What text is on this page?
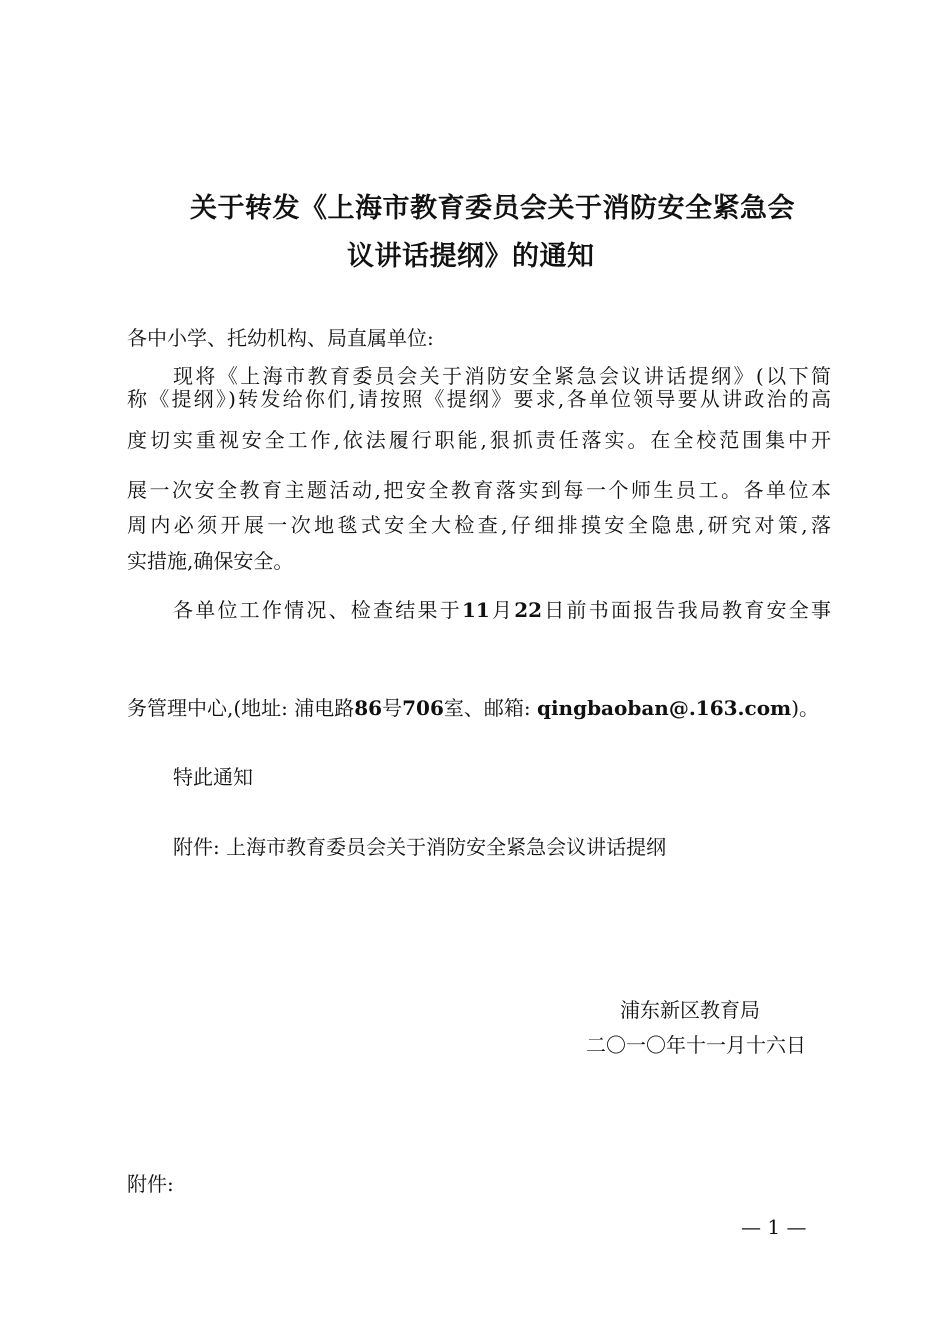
关于转发《上海市教育委员会关于消防安全紧急会
议讲话提纲》的通知
各中小学、托幼机构、局直属单位:
现将《上海市教育委员会关于消防安全紧急会议讲话提纲》(以下简
称《提纲》)转发给你们,请按照《提纲》要求,各单位领导要从讲政治的高
度切实重视安全工作,依法履行职能,狠抓责任落实。在全校范围集中开
展一次安全教育主题活动,把安全教育落实到每一个师生员工。各单位本
周内必须开展一次地毯式安全大检查,仔细排摸安全隐患,研究对策,落
实措施,确保安全。
各单位工作情况、检查结果于11月22日前书面报告我局教育安全事
务管理中心,(地址: 浦电路86号706室、邮箱: qingbaoban@.163.com)。
特此通知
附件: 上海市教育委员会关于消防安全紧急会议讲话提纲
浦东新区教育局
二〇一〇年十一月十六日
附件:
— 1 —
